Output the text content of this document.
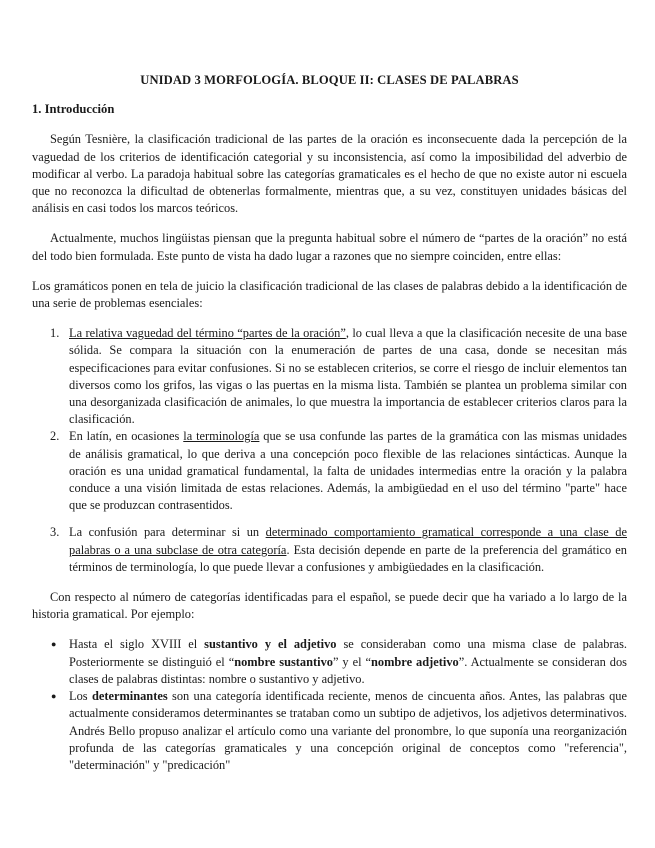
UNIDAD 3 MORFOLOGÍA. BLOQUE II: CLASES DE PALABRAS
1. Introducción

Según Tesnière, la clasificación tradicional de las partes de la oración es inconsecuente dada la percepción de la vaguedad de los criterios de identificación categorial y su inconsistencia, así como la imposibilidad del adverbio de modificar al verbo. La paradoja habitual sobre las categorías gramaticales es el hecho de que no existe autor ni escuela que no reconozca la dificultad de obtenerlas formalmente, mientras que, a su vez, constituyen unidades básicas del análisis en casi todos los marcos teóricos.

Actualmente, muchos lingüistas piensan que la pregunta habitual sobre el número de “partes de la oración” no está del todo bien formulada. Este punto de vista ha dado lugar a razones que no siempre coinciden, entre ellas:

Los gramáticos ponen en tela de juicio la clasificación tradicional de las clases de palabras debido a la identificación de una serie de problemas esenciales:

1. La relativa vaguedad del término “partes de la oración”, lo cual lleva a que la clasificación necesite de una base sólida. Se compara la situación con la enumeración de partes de una casa, donde se necesitan más especificaciones para evitar confusiones. Si no se establecen criterios, se corre el riesgo de incluir elementos tan diversos como los grifos, las vigas o las puertas en la misma lista. También se plantea un problema similar con una desorganizada clasificación de animales, lo que muestra la importancia de establecer criterios claros para la clasificación.
2. En latín, en ocasiones la terminología que se usa confunde las partes de la gramática con las mismas unidades de análisis gramatical, lo que deriva a una concepción poco flexible de las relaciones sintácticas. Aunque la oración es una unidad gramatical fundamental, la falta de unidades intermedias entre la oración y la palabra conduce a una visión limitada de estas relaciones. Además, la ambigüedad en el uso del término "parte" hace que se produzcan contrasentidos.
3. La confusión para determinar si un determinado comportamiento gramatical corresponde a una clase de palabras o a una subclase de otra categoría. Esta decisión depende en parte de la preferencia del gramático en términos de terminología, lo que puede llevar a confusiones y ambigüedades en la clasificación.

Con respecto al número de categorías identificadas para el español, se puede decir que ha variado a lo largo de la historia gramatical. Por ejemplo:

● Hasta el siglo XVIII el sustantivo y el adjetivo se consideraban como una misma clase de palabras. Posteriormente se distinguió el “nombre sustantivo” y el “nombre adjetivo”. Actualmente se consideran dos clases de palabras distintas: nombre o sustantivo y adjetivo.
● Los determinantes son una categoría identificada reciente, menos de cincuenta años. Antes, las palabras que actualmente consideramos determinantes se trataban como un subtipo de adjetivos, los adjetivos determinativos. Andrés Bello propuso analizar el artículo como una variante del pronombre, lo que suponía una reorganización profunda de las categorías gramaticales y una concepción original de conceptos como "referencia", "determinación" y "predicación"
